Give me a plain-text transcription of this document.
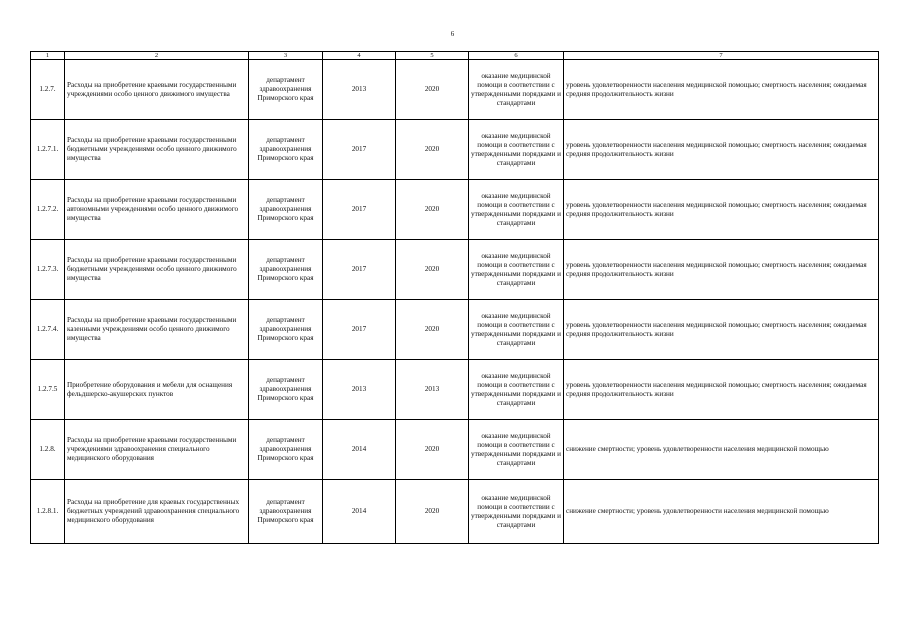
6
1	2	3	4	5	6	7
1.2.7.	Расходы на приобретение краевыми государственными учреждениями особо ценного движимого имущества	департамент здравоохранения Приморского края	2013	2020	оказание медицинской помощи в соответствии с утвержденными порядками и стандартами	уровень удовлетворенности населения медицинской помощью; смертность населения; ожидаемая средняя продолжительность жизни
1.2.7.1.	Расходы на приобретение краевыми государственными бюджетными учреждениями особо ценного движимого имущества	департамент здравоохранения Приморского края	2017	2020	оказание медицинской помощи в соответствии с утвержденными порядками и стандартами	уровень удовлетворенности населения медицинской помощью; смертность населения; ожидаемая средняя продолжительность жизни
1.2.7.2.	Расходы на приобретение краевыми государственными автономными учреждениями особо ценного движимого имущества	департамент здравоохранения Приморского края	2017	2020	оказание медицинской помощи в соответствии с утвержденными порядками и стандартами	уровень удовлетворенности населения медицинской помощью; смертность населения; ожидаемая средняя продолжительность жизни
1.2.7.3.	Расходы на приобретение краевыми государственными бюджетными учреждениями особо ценного движимого имущества	департамент здравоохранения Приморского края	2017	2020	оказание медицинской помощи в соответствии с утвержденными порядками и стандартами	уровень удовлетворенности населения медицинской помощью; смертность населения; ожидаемая средняя продолжительность жизни
1.2.7.4.	Расходы на приобретение краевыми государственными казенными учреждениями особо ценного движимого имущества	департамент здравоохранения Приморского края	2017	2020	оказание медицинской помощи в соответствии с утвержденными порядками и стандартами	уровень удовлетворенности населения медицинской помощью; смертность населения; ожидаемая средняя продолжительность жизни
1.2.7.5	Приобретение оборудования и мебели для оснащения фельдшерско-акушерских пунктов	департамент здравоохранения Приморского края	2013	2013	оказание медицинской помощи в соответствии с утвержденными порядками и стандартами	уровень удовлетворенности населения медицинской помощью; смертность населения; ожидаемая средняя продолжительность жизни
1.2.8.	Расходы на приобретение краевыми государственными учреждениями здравоохранения специального медицинского оборудования	департамент здравоохранения Приморского края	2014	2020	оказание медицинской помощи в соответствии с утвержденными порядками и стандартами	снижение смертности; уровень удовлетворенности населения медицинской помощью
1.2.8.1.	Расходы на приобретение для краевых государственных бюджетных учреждений здравоохранения специального медицинского оборудования	департамент здравоохранения Приморского края	2014	2020	оказание медицинской помощи в соответствии с утвержденными порядками и стандартами	снижение смертности; уровень удовлетворенности населения медицинской помощью
